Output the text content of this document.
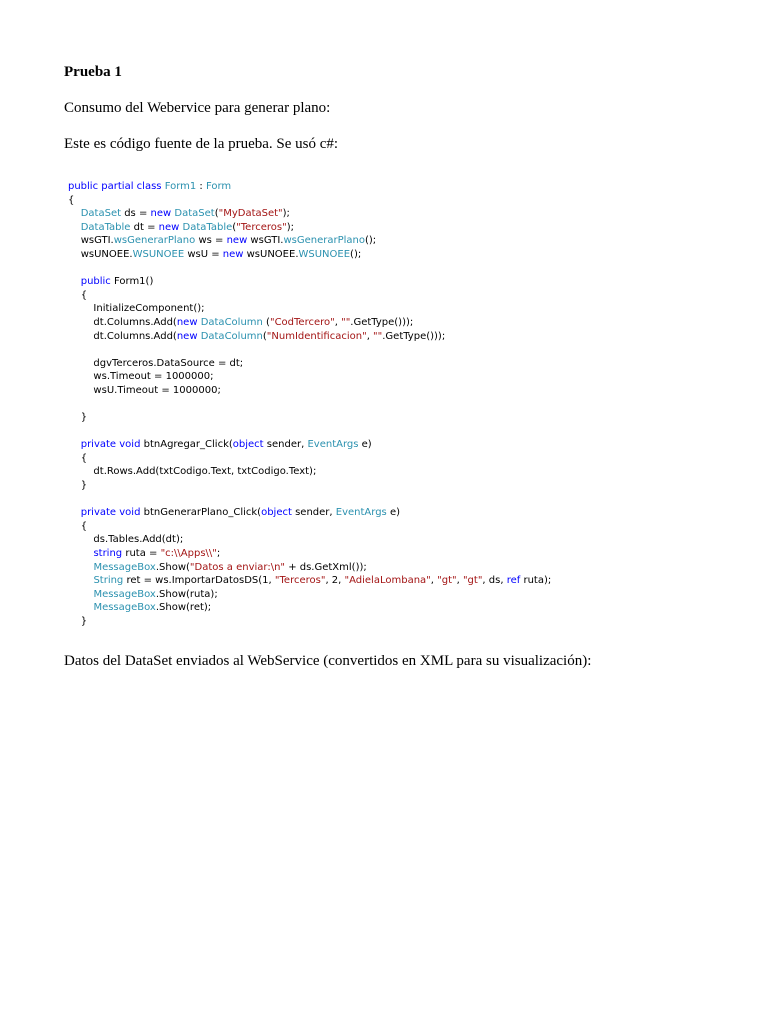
Prueba 1
Consumo del Webervice para generar plano:
Este es código fuente de la prueba. Se usó c#:
public partial class Form1 : Form
{
DataSet ds = new DataSet("MyDataSet");
DataTable dt = new DataTable("Terceros");
wsGTI.wsGenerarPlano ws = new wsGTI.wsGenerarPlano();
wsUNOEE.WSUNOEE wsU = new wsUNOEE.WSUNOEE();

public Form1()
{
InitializeComponent();
dt.Columns.Add(new DataColumn ("CodTercero", "".GetType()));
dt.Columns.Add(new DataColumn("NumIdentificacion", "".GetType()));

dgvTerceros.DataSource = dt;
ws.Timeout = 1000000;
wsU.Timeout = 1000000;

}

private void btnAgregar_Click(object sender, EventArgs e)
{
dt.Rows.Add(txtCodigo.Text, txtCodigo.Text);
}

private void btnGenerarPlano_Click(object sender, EventArgs e)
{
ds.Tables.Add(dt);
string ruta = "c:\\Apps\\";
MessageBox.Show("Datos a enviar:\n" + ds.GetXml());
String ret = ws.ImportarDatosDS(1, "Terceros", 2, "AdielaLombana", "gt", "gt", ds, ref ruta);
MessageBox.Show(ruta);
MessageBox.Show(ret);
}
Datos del DataSet enviados al WebService (convertidos en XML para su visualización):
